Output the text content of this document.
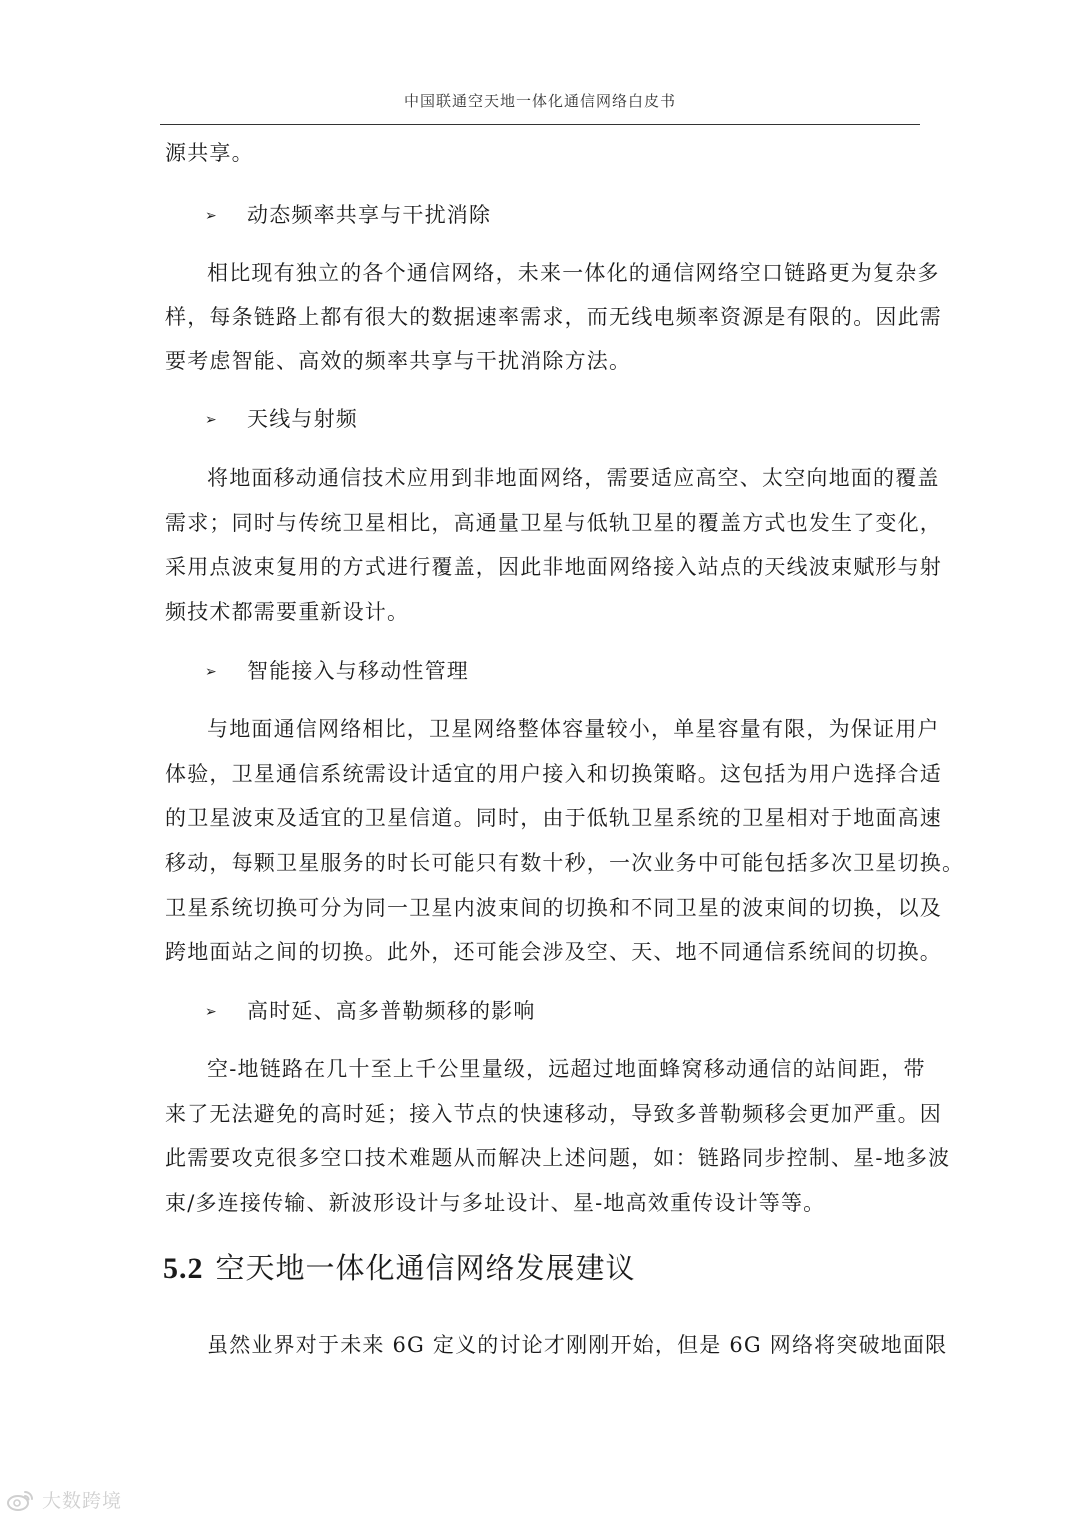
中国联通空天地一体化通信网络白皮书
源共享。
➢ 动态频率共享与干扰消除
相比现有独立的各个通信网络，未来一体化的通信网络空口链路更为复杂多
样，每条链路上都有很大的数据速率需求，而无线电频率资源是有限的。因此需
要考虑智能、高效的频率共享与干扰消除方法。
➢ 天线与射频
将地面移动通信技术应用到非地面网络，需要适应高空、太空向地面的覆盖
需求；同时与传统卫星相比，高通量卫星与低轨卫星的覆盖方式也发生了变化，
采用点波束复用的方式进行覆盖，因此非地面网络接入站点的天线波束赋形与射
频技术都需要重新设计。
➢ 智能接入与移动性管理
与地面通信网络相比，卫星网络整体容量较小，单星容量有限，为保证用户
体验，卫星通信系统需设计适宜的用户接入和切换策略。这包括为用户选择合适
的卫星波束及适宜的卫星信道。同时，由于低轨卫星系统的卫星相对于地面高速
移动，每颗卫星服务的时长可能只有数十秒，一次业务中可能包括多次卫星切换。
卫星系统切换可分为同一卫星内波束间的切换和不同卫星的波束间的切换，以及
跨地面站之间的切换。此外，还可能会涉及空、天、地不同通信系统间的切换。
➢ 高时延、高多普勒频移的影响
空-地链路在几十至上千公里量级，远超过地面蜂窝移动通信的站间距，带
来了无法避免的高时延；接入节点的快速移动，导致多普勒频移会更加严重。因
此需要攻克很多空口技术难题从而解决上述问题，如：链路同步控制、星-地多波
束/多连接传输、新波形设计与多址设计、星-地高效重传设计等等。
5.2 空天地一体化通信网络发展建议
虽然业界对于未来 6G 定义的讨论才刚刚开始，但是 6G 网络将突破地面限
大数跨境
